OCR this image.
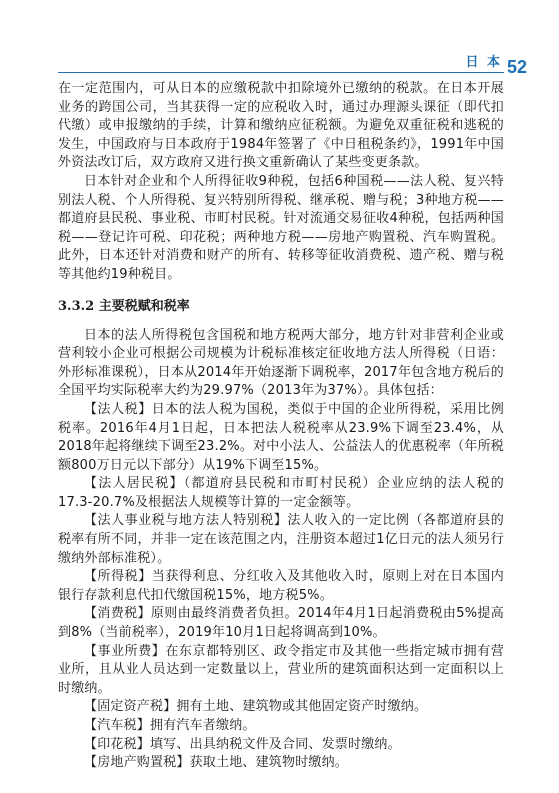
日 本 52

在一定范围内，可从日本的应缴税款中扣除境外已缴纳的税款。在日本开展业务的跨国公司，当其获得一定的应税收入时，通过办理源头课征（即代扣代缴）或申报缴纳的手续，计算和缴纳应征税额。为避免双重征税和逃税的发生，中国政府与日本政府于1984年签署了《中日租税条约》，1991年中国外资法改订后，双方政府又进行换文重新确认了某些变更条款。

日本针对企业和个人所得征收9种税，包括6种国税——法人税、复兴特别法人税、个人所得税、复兴特别所得税、继承税、赠与税；3种地方税——都道府县民税、事业税、市町村民税。针对流通交易征收4种税，包括两种国税——登记许可税、印花税；两种地方税——房地产购置税、汽车购置税。此外，日本还针对消费和财产的所有、转移等征收消费税、遗产税、赠与税等其他约19种税目。

3.3.2 主要税赋和税率

日本的法人所得税包含国税和地方税两大部分，地方针对非营利企业或营利较小企业可根据公司规模为计税标准核定征收地方法人所得税（日语：外形标准课税），日本从2014年开始逐渐下调税率，2017年包含地方税后的全国平均实际税率大约为29.97%（2013年为37%）。具体包括：

【法人税】日本的法人税为国税，类似于中国的企业所得税，采用比例税率。2016年4月1日起，日本把法人税税率从23.9%下调至23.4%，从2018年起将继续下调至23.2%。对中小法人、公益法人的优惠税率（年所税额800万日元以下部分）从19%下调至15%。

【法人居民税】（都道府县民税和市町村民税）企业应纳的法人税的17.3-20.7%及根据法人规模等计算的一定金额等。

【法人事业税与地方法人特别税】法人收入的一定比例（各都道府县的税率有所不同，并非一定在该范围之内，注册资本超过1亿日元的法人须另行缴纳外部标准税）。

【所得税】当获得利息、分红收入及其他收入时，原则上对在日本国内银行存款利息代扣代缴国税15%，地方税5%。

【消费税】原则由最终消费者负担。2014年4月1日起消费税由5%提高到8%（当前税率），2019年10月1日起将调高到10%。

【事业所费】在东京都特别区、政令指定市及其他一些指定城市拥有营业所，且从业人员达到一定数量以上，营业所的建筑面积达到一定面积以上时缴纳。

【固定资产税】拥有土地、建筑物或其他固定资产时缴纳。

【汽车税】拥有汽车者缴纳。

【印花税】填写、出具纳税文件及合同、发票时缴纳。

【房地产购置税】获取土地、建筑物时缴纳。
